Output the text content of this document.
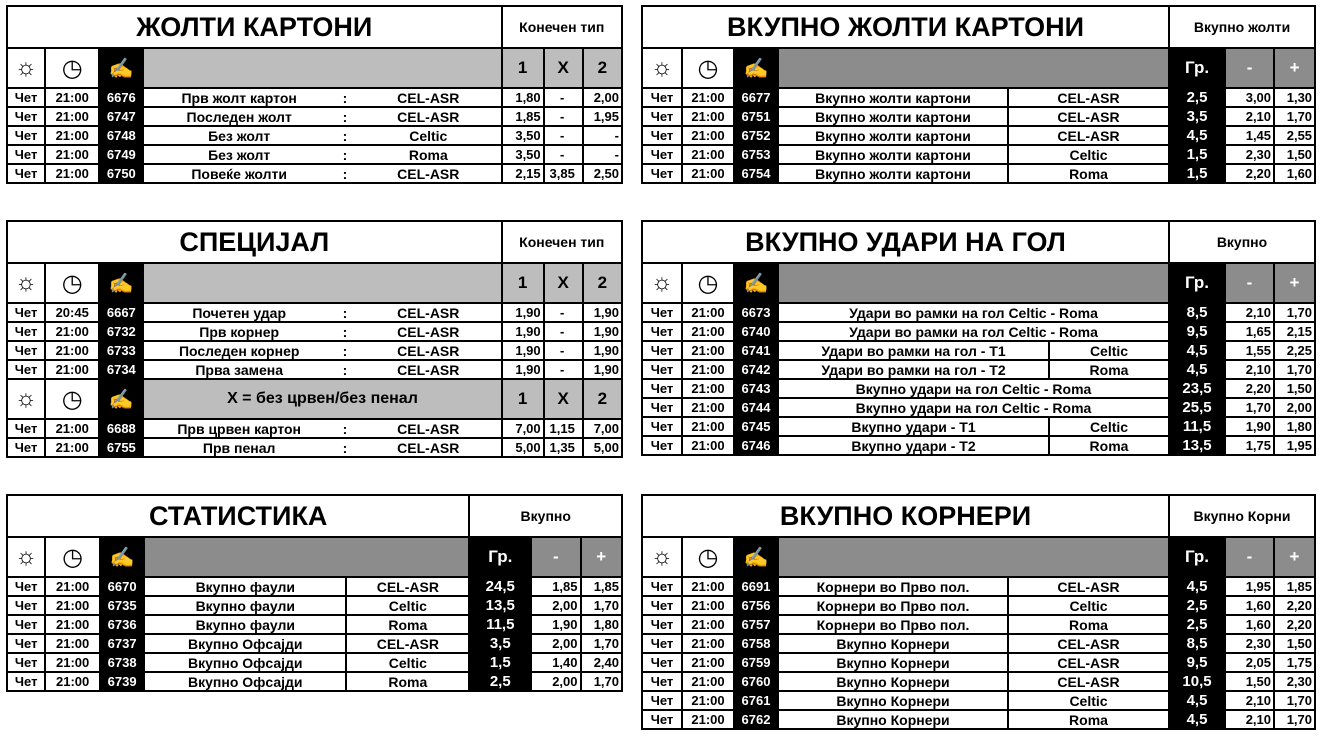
ЖОЛТИ КАРТОНИ						Конечен тип		
☼	◷	✍				1	X	2
Чет	21:00	6676	Прв жолт картон	:	CEL-ASR	1,80	-	2,00
Чет	21:00	6747	Последен жолт	:	CEL-ASR	1,85	-	1,95
Чет	21:00	6748	Без жолт	:	Celtic	3,50	-	-
Чет	21:00	6749	Без жолт	:	Roma	3,50	-	-
Чет	21:00	6750	Повеќе жолти	:	CEL-ASR	2,15	3,85	2,50
ВКУПНО ЖОЛТИ КАРТОНИ					Вкупно жолти		
☼	◷	✍			Гр.	-	+
Чет	21:00	6677	Вкупно жолти картони	CEL-ASR	2,5	3,00	1,30
Чет	21:00	6751	Вкупно жолти картони	CEL-ASR	3,5	2,10	1,70
Чет	21:00	6752	Вкупно жолти картони	CEL-ASR	4,5	1,45	2,55
Чет	21:00	6753	Вкупно жолти картони	Celtic	1,5	2,30	1,50
Чет	21:00	6754	Вкупно жолти картони	Roma	1,5	2,20	1,60
СПЕЦИЈАЛ						Конечен тип		
☼	◷	✍				1	X	2
Чет	20:45	6667	Почетен удар	:	CEL-ASR	1,90	-	1,90
Чет	21:00	6732	Прв корнер	:	CEL-ASR	1,90	-	1,90
Чет	21:00	6733	Последен корнер	:	CEL-ASR	1,90	-	1,90
Чет	21:00	6734	Прва замена	:	CEL-ASR	1,90	-	1,90
☼	◷	✍	X = без црвен/без пенал			1	X	2
Чет	21:00	6688	Прв црвен картон	:	CEL-ASR	7,00	1,15	7,00
Чет	21:00	6755	Прв пенал	:	CEL-ASR	5,00	1,35	5,00
ВКУПНО УДАРИ НА ГОЛ					Вкупно		
☼	◷	✍			Гр.	-	+
Чет	21:00	6673	Удари во рамки на гол Celtic - Roma		8,5	2,10	1,70
Чет	21:00	6740	Удари во рамки на гол Celtic - Roma		9,5	1,65	2,15
Чет	21:00	6741	Удари во рамки на гол - T1	Celtic	4,5	1,55	2,25
Чет	21:00	6742	Удари во рамки на гол - T2	Roma	4,5	2,10	1,70
Чет	21:00	6743	Вкупно удари на гол Celtic - Roma		23,5	2,20	1,50
Чет	21:00	6744	Вкупно удари на гол Celtic - Roma		25,5	1,70	2,00
Чет	21:00	6745	Вкупно удари - T1	Celtic	11,5	1,90	1,80
Чет	21:00	6746	Вкупно удари - T2	Roma	13,5	1,75	1,95
СТАТИСТИКА					Вкупно		
☼	◷	✍			Гр.	-	+
Чет	21:00	6670	Вкупно фаули	CEL-ASR	24,5	1,85	1,85
Чет	21:00	6735	Вкупно фаули	Celtic	13,5	2,00	1,70
Чет	21:00	6736	Вкупно фаули	Roma	11,5	1,90	1,80
Чет	21:00	6737	Вкупно Офсајди	CEL-ASR	3,5	2,00	1,70
Чет	21:00	6738	Вкупно Офсајди	Celtic	1,5	1,40	2,40
Чет	21:00	6739	Вкупно Офсајди	Roma	2,5	2,00	1,70
ВКУПНО КОРНЕРИ					Вкупно Корни		
☼	◷	✍			Гр.	-	+
Чет	21:00	6691	Корнери во Прво пол.	CEL-ASR	4,5	1,95	1,85
Чет	21:00	6756	Корнери во Прво пол.	Celtic	2,5	1,60	2,20
Чет	21:00	6757	Корнери во Прво пол.	Roma	2,5	1,60	2,20
Чет	21:00	6758	Вкупно Корнери	CEL-ASR	8,5	2,30	1,50
Чет	21:00	6759	Вкупно Корнери	CEL-ASR	9,5	2,05	1,75
Чет	21:00	6760	Вкупно Корнери	CEL-ASR	10,5	1,50	2,30
Чет	21:00	6761	Вкупно Корнери	Celtic	4,5	2,10	1,70
Чет	21:00	6762	Вкупно Корнери	Roma	4,5	2,10	1,70
